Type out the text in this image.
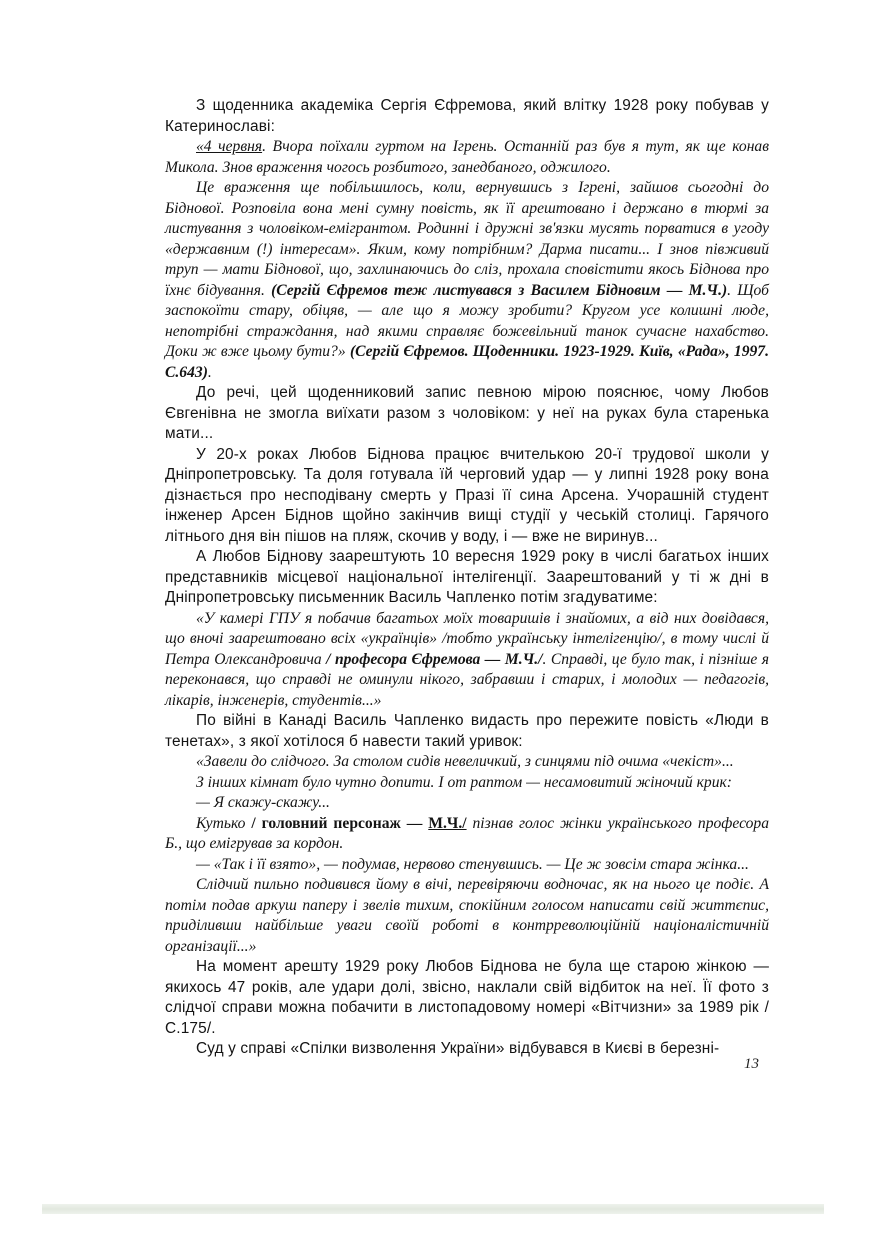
З щоденника академіка Сергія Єфремова, який влітку 1928 року побував у Катеринославі:

«4 червня. Вчора поїхали гуртом на Ігрень. Останній раз був я тут, як ще конав Микола. Знов враження чогось розбитого, занедбаного, оджилого.

Це враження ще побільшилось, коли, вернувшись з Ігрені, зайшов сьогодні до Біднової. Розповіла вона мені сумну повість, як її арештовано і держано в тюрмі за листування з чоловіком-емігрантом. Родинні і дружні зв'язки мусять порватися в угоду «державним (!) інтересам». Яким, кому потрібним? Дарма писати... І знов півживий труп — мати Біднової, що, захлинаючись до сліз, прохала сповістити якось Біднова про їхнє бідування. (Сергій Єфремов теж листувався з Василем Бідновим — М.Ч.). Щоб заспокоїти стару, обіцяв, — але що я можу зробити? Кругом усе колишні люде, непотрібні страждання, над якими справляє божевільний танок сучасне нахабство. Доки ж вже цьому бути?» (Сергій Єфремов. Щоденники. 1923-1929. Київ, «Рада», 1997. С.643).

До речі, цей щоденниковий запис певною мірою пояснює, чому Любов Євгенівна не змогла виїхати разом з чоловіком: у неї на руках була старенька мати...

У 20-х роках Любов Біднова працює вчителькою 20-ї трудової школи у Дніпропетровську. Та доля готувала їй черговий удар — у липні 1928 року вона дізнається про несподівану смерть у Празі її сина Арсена. Учорашній студент інженер Арсен Біднов щойно закінчив вищі студії у чеській столиці. Гарячого літнього дня він пішов на пляж, скочив у воду, і — вже не виринув...

А Любов Біднову заарештують 10 вересня 1929 року в числі багатьох інших представників місцевої національної інтелігенції. Заарештований у ті ж дні в Дніпропетровську письменник Василь Чапленко потім згадуватиме:

«У камері ГПУ я побачив багатьох моїх товаришів і знайомих, а від них довідався, що вночі заарештовано всіх «українців» /тобто українську інтелігенцію/, в тому числі й Петра Олександровича / професора Єфремова — М.Ч./. Справді, це було так, і пізніше я переконався, що справді не оминули нікого, забравши і старих, і молодих — педагогів, лікарів, інженерів, студентів...»

По війні в Канаді Василь Чапленко видасть про пережите повість «Люди в тенетах», з якої хотілося б навести такий уривок:

«Завели до слідчого. За столом сидів невеличкий, з синцями під очима «чекіст»...

З інших кімнат було чутно допити. І от раптом — несамовитий жіночий крик:

— Я скажу-скажу...

Кутько / головний персонаж — М.Ч./ пізнав голос жінки українського професора Б., що емігрував за кордон.

— «Так і її взято», — подумав, нервово стенувшись. — Це ж зовсім стара жінка...

Слідчий пильно подивився йому в вічі, перевіряючи водночас, як на нього це подіє. А потім подав аркуш паперу і звелів тихим, спокійним голосом написати свій життєпис, приділивши найбільше уваги своїй роботі в контрреволюційній націоналістичній організації...»

На момент арешту 1929 року Любов Біднова не була ще старою жінкою — якихось 47 років, але удари долі, звісно, наклали свій відбиток на неї. Її фото з слідчої справи можна побачити в листопадовому номері «Вітчизни» за 1989 рік /С.175/.

Суд у справі «Спілки визволення України» відбувався в Києві в березні-

13
